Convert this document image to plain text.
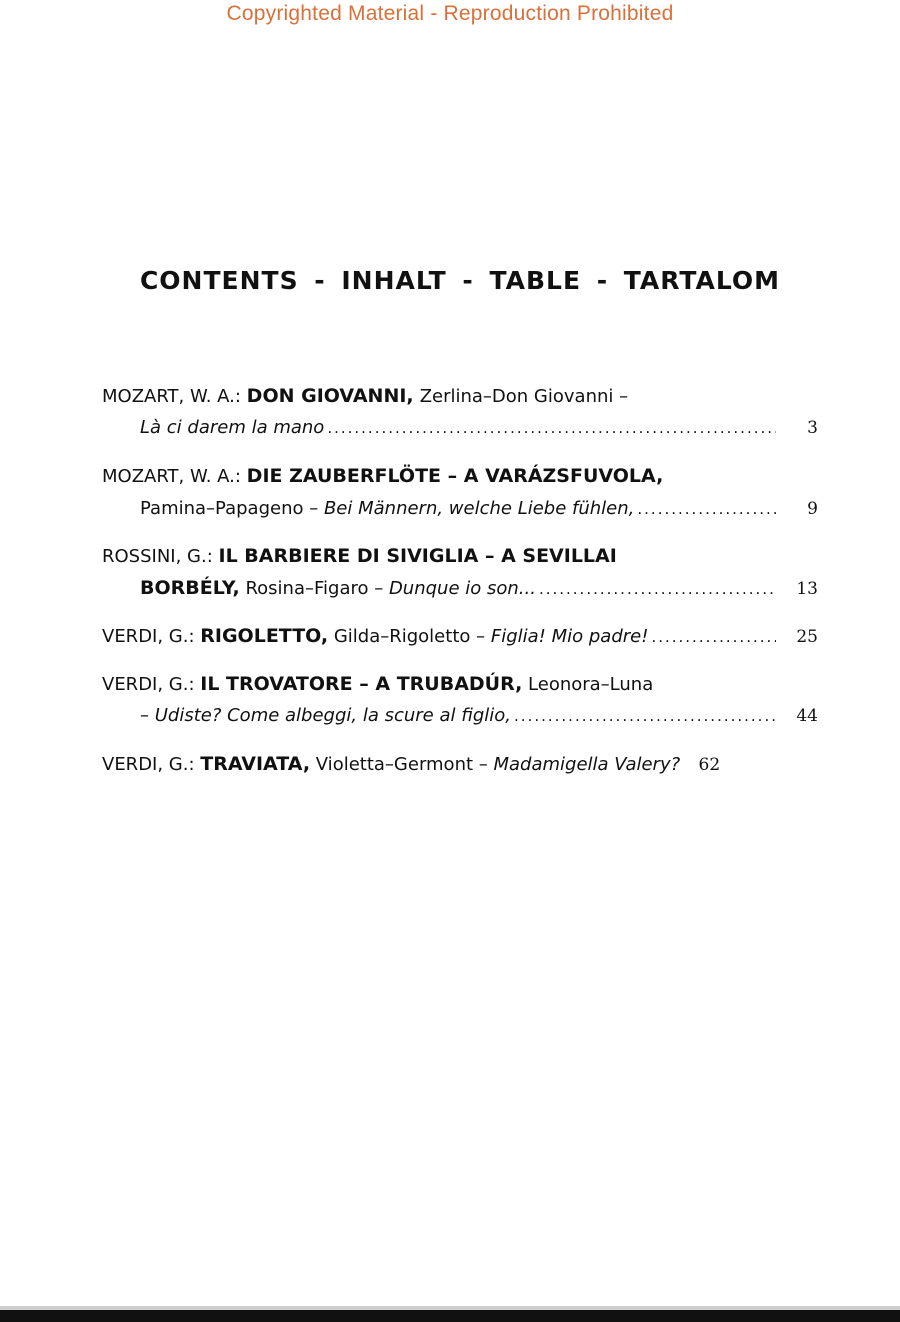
Copyrighted Material - Reproduction Prohibited
CONTENTS - INHALT - TABLE - TARTALOM
MOZART, W. A.: DON GIOVANNI, Zerlina–Don Giovanni –
Là ci darem la mano .....	3
MOZART, W. A.: DIE ZAUBERFLÖTE – A VARÁZSFUVOLA,
Pamina–Papageno – Bei Männern, welche Liebe fühlen, .....	9
ROSSINI, G.: IL BARBIERE DI SIVIGLIA – A SEVILLAI
BORBÉLY, Rosina–Figaro – Dunque io son... .....	13
VERDI, G.: RIGOLETTO, Gilda–Rigoletto – Figlia! Mio padre! .....	25
VERDI, G.: IL TROVATORE – A TRUBADÚR, Leonora–Luna
– Udiste? Come albeggi, la scure al figlio, .....	44
VERDI, G.: TRAVIATA, Violetta–Germont – Madamigella Valery?	62
